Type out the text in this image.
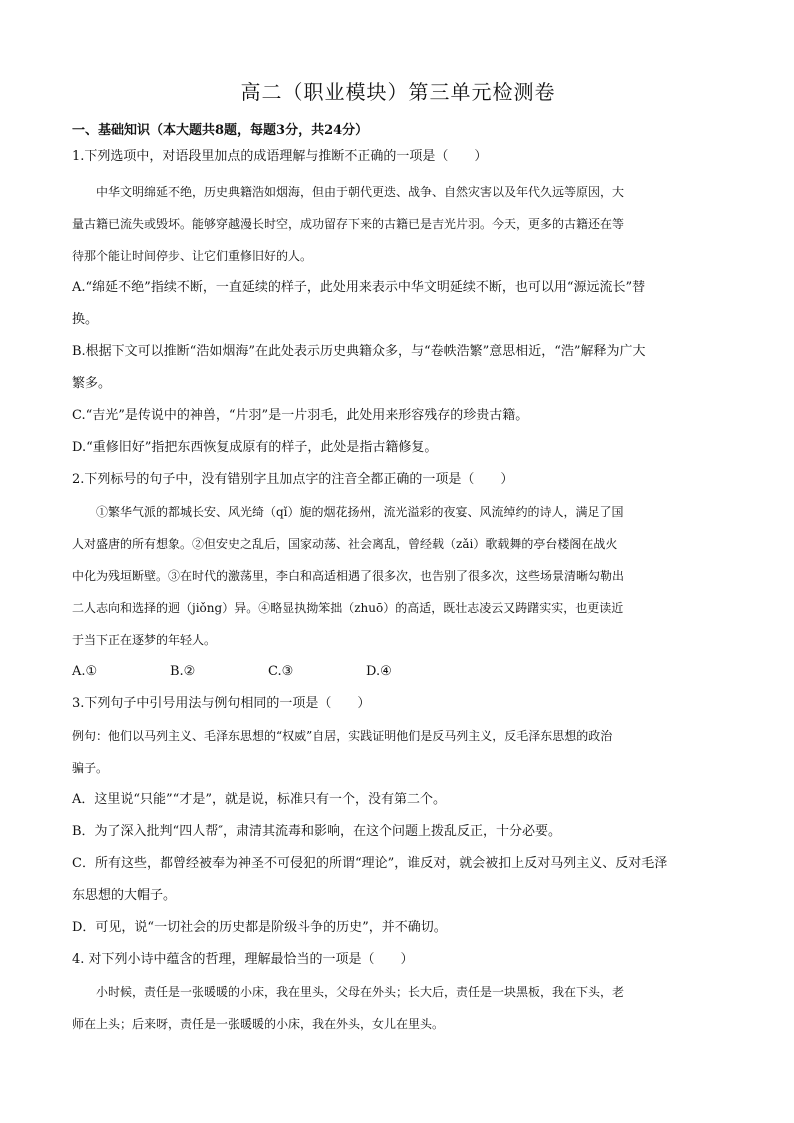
高二（职业模块）第三单元检测卷
一、基础知识（本大题共8题，每题3分，共24分）
1.下列选项中，对语段里加点的成语理解与推断不正确的一项是（　　）
中华文明绵延不绝，历史典籍浩如烟海，但由于朝代更迭、战争、自然灾害以及年代久远等原因，大
量古籍已流失或毁坏。能够穿越漫长时空，成功留存下来的古籍已是吉光片羽。今天，更多的古籍还在等
待那个能让时间停步、让它们重修旧好的人。
A.“绵延不绝”指续不断，一直延续的样子，此处用来表示中华文明延续不断，也可以用“源远流长”替
换。
B.根据下文可以推断“浩如烟海”在此处表示历史典籍众多，与“卷帙浩繁”意思相近，“浩”解释为广大
繁多。
C.“吉光”是传说中的神兽，“片羽”是一片羽毛，此处用来形容残存的珍贵古籍。
D.“重修旧好”指把东西恢复成原有的样子，此处是指古籍修复。
2.下列标号的句子中，没有错别字且加点字的注音全都正确的一项是（　　）
①繁华气派的都城长安、风光绮（qǐ）旎的烟花扬州，流光溢彩的夜宴、风流绰约的诗人，满足了国
人对盛唐的所有想象。②但安史之乱后，国家动荡、社会离乱，曾经载（zǎi）歌载舞的亭台楼阁在战火
中化为残垣断壁。③在时代的激荡里，李白和高适相遇了很多次，也告别了很多次，这些场景清晰勾勒出
二人志向和选择的迥（jiǒng）异。④略显执拗笨拙（zhuō）的高适，既壮志凌云又踌躇实实，也更读近
于当下正在逐梦的年轻人。
A.①	B.②	C.③	D.④
3.下列句子中引号用法与例句相同的一项是（　　）
例句：他们以马列主义、毛泽东思想的“权威”自居，实践证明他们是反马列主义，反毛泽东思想的政治
骗子。
A．这里说“只能”“才是”，就是说，标准只有一个，没有第二个。
B．为了深入批判“四人帮″，肃清其流毒和影响，在这个问题上拨乱反正，十分必要。
C．所有这些，都曾经被奉为神圣不可侵犯的所谓“理论”，谁反对，就会被扣上反对马列主义、反对毛泽
东思想的大帽子。
D．可见，说“一切社会的历史都是阶级斗争的历史”，并不确切。
4. 对下列小诗中蕴含的哲理，理解最恰当的一项是（　　）
小时候，责任是一张暖暖的小床，我在里头，父母在外头；长大后，责任是一块黑板，我在下头，老
师在上头；后来呀，责任是一张暖暖的小床，我在外头，女儿在里头。
